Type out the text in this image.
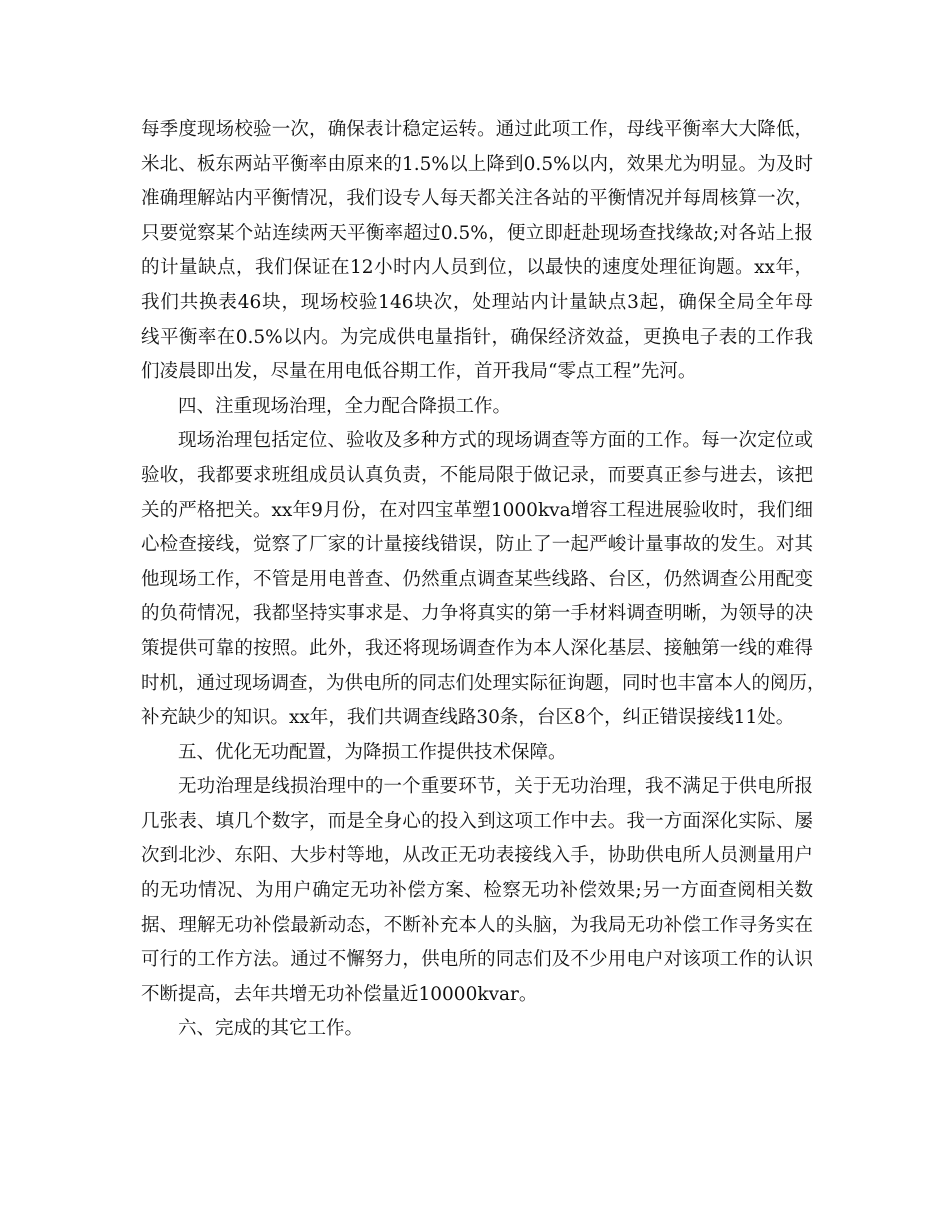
每季度现场校验一次，确保表计稳定运转。通过此项工作，母线平衡率大大降低，
米北、板东两站平衡率由原来的1.5%以上降到0.5%以内，效果尤为明显。为及时
准确理解站内平衡情况，我们设专人每天都关注各站的平衡情况并每周核算一次，
只要觉察某个站连续两天平衡率超过0.5%，便立即赶赴现场查找缘故;对各站上报
的计量缺点，我们保证在12小时内人员到位，以最快的速度处理征询题。xx年，
我们共换表46块，现场校验146块次，处理站内计量缺点3起，确保全局全年母
线平衡率在0.5%以内。为完成供电量指针，确保经济效益，更换电子表的工作我
们凌晨即出发，尽量在用电低谷期工作，首开我局“零点工程”先河。
四、注重现场治理，全力配合降损工作。
现场治理包括定位、验收及多种方式的现场调查等方面的工作。每一次定位或
验收，我都要求班组成员认真负责，不能局限于做记录，而要真正参与进去，该把
关的严格把关。xx年9月份，在对四宝革塑1000kva增容工程进展验收时，我们细
心检查接线，觉察了厂家的计量接线错误，防止了一起严峻计量事故的发生。对其
他现场工作，不管是用电普查、仍然重点调查某些线路、台区，仍然调查公用配变
的负荷情况，我都坚持实事求是、力争将真实的第一手材料调查明晰，为领导的决
策提供可靠的按照。此外，我还将现场调查作为本人深化基层、接触第一线的难得
时机，通过现场调查，为供电所的同志们处理实际征询题，同时也丰富本人的阅历，
补充缺少的知识。xx年，我们共调查线路30条，台区8个，纠正错误接线11处。
五、优化无功配置，为降损工作提供技术保障。
无功治理是线损治理中的一个重要环节，关于无功治理，我不满足于供电所报
几张表、填几个数字，而是全身心的投入到这项工作中去。我一方面深化实际、屡
次到北沙、东阳、大步村等地，从改正无功表接线入手，协助供电所人员测量用户
的无功情况、为用户确定无功补偿方案、检察无功补偿效果;另一方面查阅相关数
据、理解无功补偿最新动态，不断补充本人的头脑，为我局无功补偿工作寻务实在
可行的工作方法。通过不懈努力，供电所的同志们及不少用电户对该项工作的认识
不断提高，去年共增无功补偿量近10000kvar。
六、完成的其它工作。
